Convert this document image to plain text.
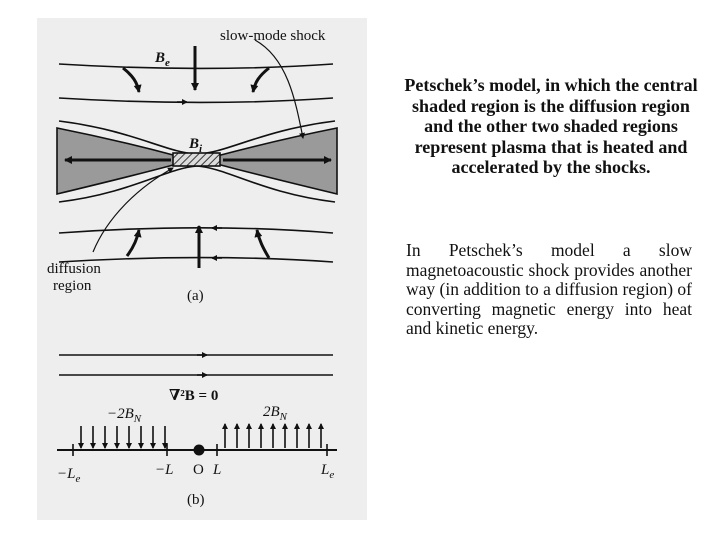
slow-mode shock
$B_e$
$B_i$
diffusion
region
(a)
∇²B = 0
$-2B_N$	$2B_N$
$-L_e$
−L O L	$L_e$
(b)

Petschek’s model, in which the central shaded region is the diffusion region and the other two shaded regions represent plasma that is heated and accelerated by the shocks.

In Petschek’s model a slow magnetoacoustic shock provides another way (in addition to a diffusion region) of converting magnetic energy into heat and kinetic energy.
